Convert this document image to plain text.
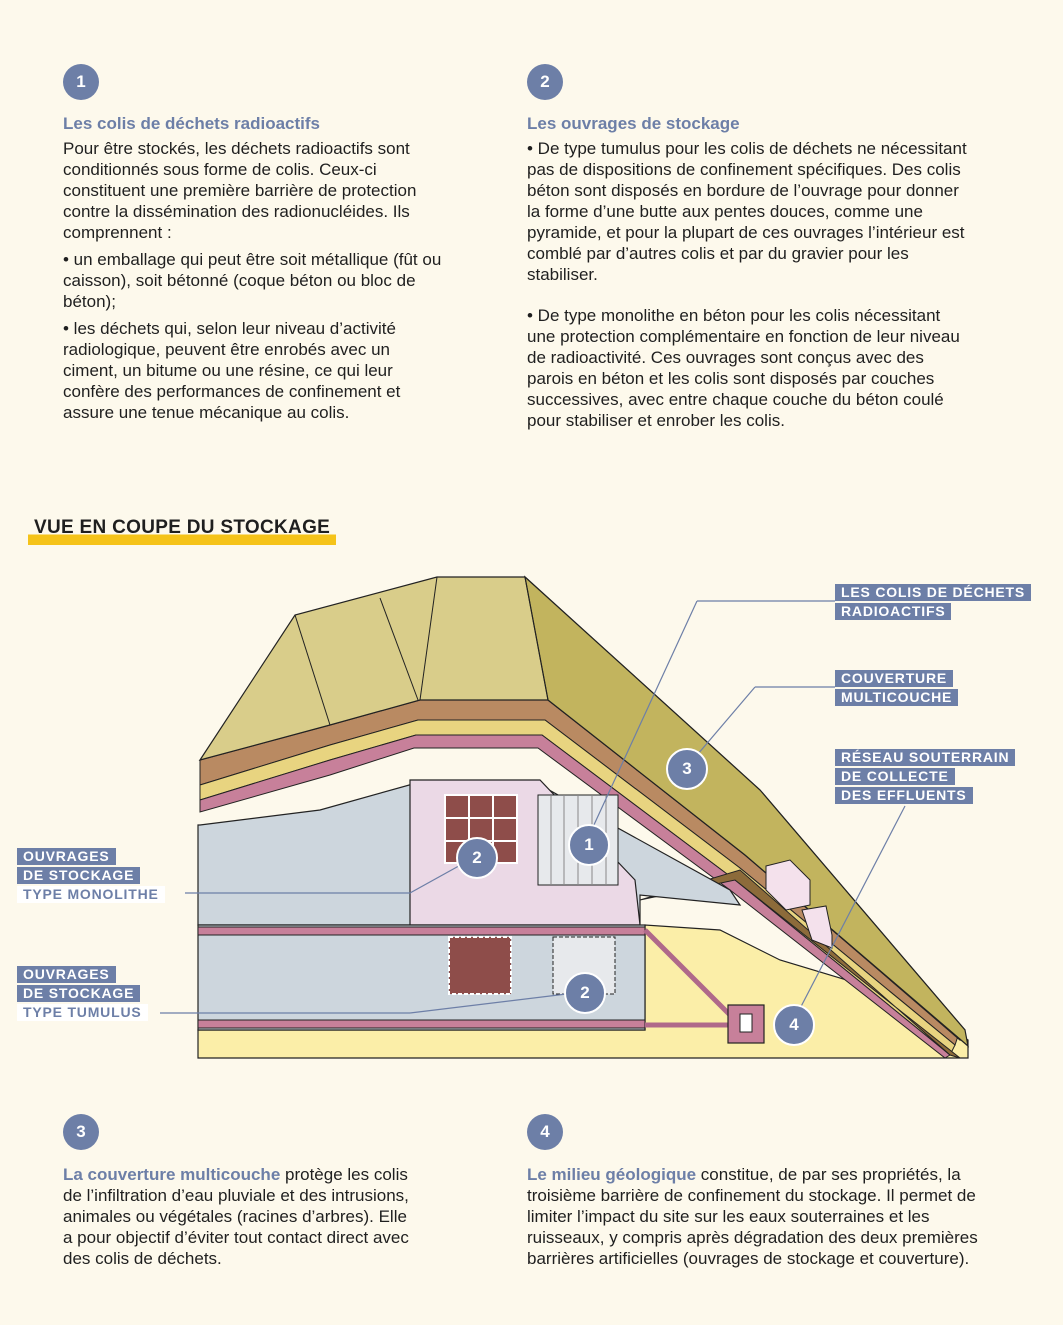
1
Les colis de déchets radioactifs

Pour être stockés, les déchets radioactifs sont conditionnés sous forme de colis. Ceux-ci constituent une première barrière de protection contre la dissémination des radionucléides. Ils comprennent :

• un emballage qui peut être soit métallique (fût ou caisson), soit bétonné (coque béton ou bloc de béton);

• les déchets qui, selon leur niveau d’activité radiologique, peuvent être enrobés avec un ciment, un bitume ou une résine, ce qui leur confère des performances de confinement et assure une tenue mécanique au colis.

2
Les ouvrages de stockage

• De type tumulus pour les colis de déchets ne nécessitant pas de dispositions de confinement spécifiques. Des colis béton sont disposés en bordure de l’ouvrage pour donner la forme d’une butte aux pentes douces, comme une pyramide, et pour la plupart de ces ouvrages l’intérieur est comblé par d’autres colis et par du gravier pour les stabiliser.

• De type monolithe en béton pour les colis nécessitant une protection complémentaire en fonction de leur niveau de radioactivité. Ces ouvrages sont conçus avec des parois en béton et les colis sont disposés par couches successives, avec entre chaque couche du béton coulé pour stabiliser et enrober les colis.

VUE EN COUPE DU STOCKAGE
1
2
2
3
4
LES COLIS DE DÉCHETS
RADIOACTIFS
COUVERTURE
MULTICOUCHE
RÉSEAU SOUTERRAIN
DE COLLECTE
DES EFFLUENTS
OUVRAGES
DE STOCKAGE
TYPE MONOLITHE
OUVRAGES
DE STOCKAGE
TYPE TUMULUS
3

La couverture multicouche protège les colis de l’infiltration d’eau pluviale et des intrusions, animales ou végétales (racines d’arbres). Elle a pour objectif d’éviter tout contact direct avec des colis de déchets.

4

Le milieu géologique constitue, de par ses propriétés, la troisième barrière de confinement du stockage. Il permet de limiter l’impact du site sur les eaux souterraines et les ruisseaux, y compris après dégradation des deux premières barrières artificielles (ouvrages de stockage et couverture).
